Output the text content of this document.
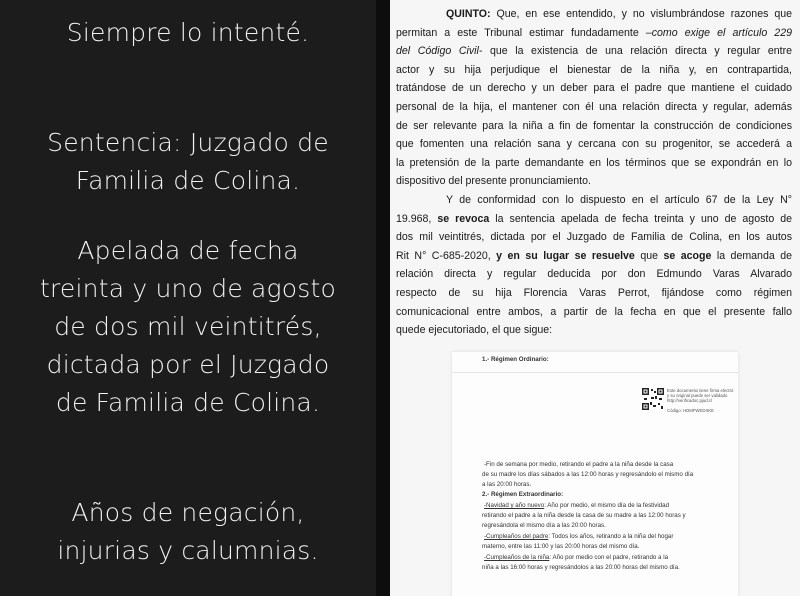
Siempre lo intenté.
Sentencia: Juzgado de
Familia de Colina.
Apelada de fecha
treinta y uno de agosto
de dos mil veintitrés,
dictada por el Juzgado
de Familia de Colina.
Años de negación,
injurias y calumnias.
QUINTO: Que, en ese entendido, y no vislumbrándose razones que
permitan a este Tribunal estimar fundadamente –como exige el artículo 229
del Código Civil- que la existencia de una relación directa y regular entre
actor y su hija perjudique el bienestar de la niña y, en contrapartida,
tratándose de un derecho y un deber para el padre que mantiene el cuidado
personal de la hija, el mantener con él una relación directa y regular, además
de ser relevante para la niña a fin de fomentar la construcción de condiciones
que fomenten una relación sana y cercana con su progenitor, se accederá a
la pretensión de la parte demandante en los términos que se expondrán en lo
dispositivo del presente pronunciamiento.
Y de conformidad con lo dispuesto en el artículo 67 de la Ley N°
19.968, se revoca la sentencia apelada de fecha treinta y uno de agosto de
dos mil veintitrés, dictada por el Juzgado de Familia de Colina, en los autos
Rit N° C-685-2020, y en su lugar se resuelve que se acoge la demanda de
relación directa y regular deducida por don Edmundo Varas Alvarado
respecto de su hija Florencia Varas Perrot, fijándose como régimen
comunicacional entre ambos, a partir de la fecha en que el presente fallo
quede ejecutoriado, el que sigue:
1.- Régimen Ordinario:
Este documento tiene firma electró
y su original puede ser validado
http://verificadoc.pjud.cl
Código: HDMFWEDXKE
-Fin de semana por medio, retirando el padre a la niña desde la casa
de su madre los días sábados a las 12:00 horas y regresándolo el mismo día
a las 20:00 horas.
2.- Régimen Extraordinario:
-Navidad y año nuevo: Año por medio, el mismo día de la festividad
retirando el padre a la niña desde la casa de su madre a las 12:00 horas y
regresándola el mismo día a las 20:00 horas.
-Cumpleaños del padre: Todos los años, retirando a la niña del hogar
materno, entre las 11:00 y las 20:00 horas del mismo día.
-Cumpleaños de la niña: Año por medio con el padre, retirando a la
niña a las 16:00 horas y regresándolos a las 20:00 horas del mismo día.
